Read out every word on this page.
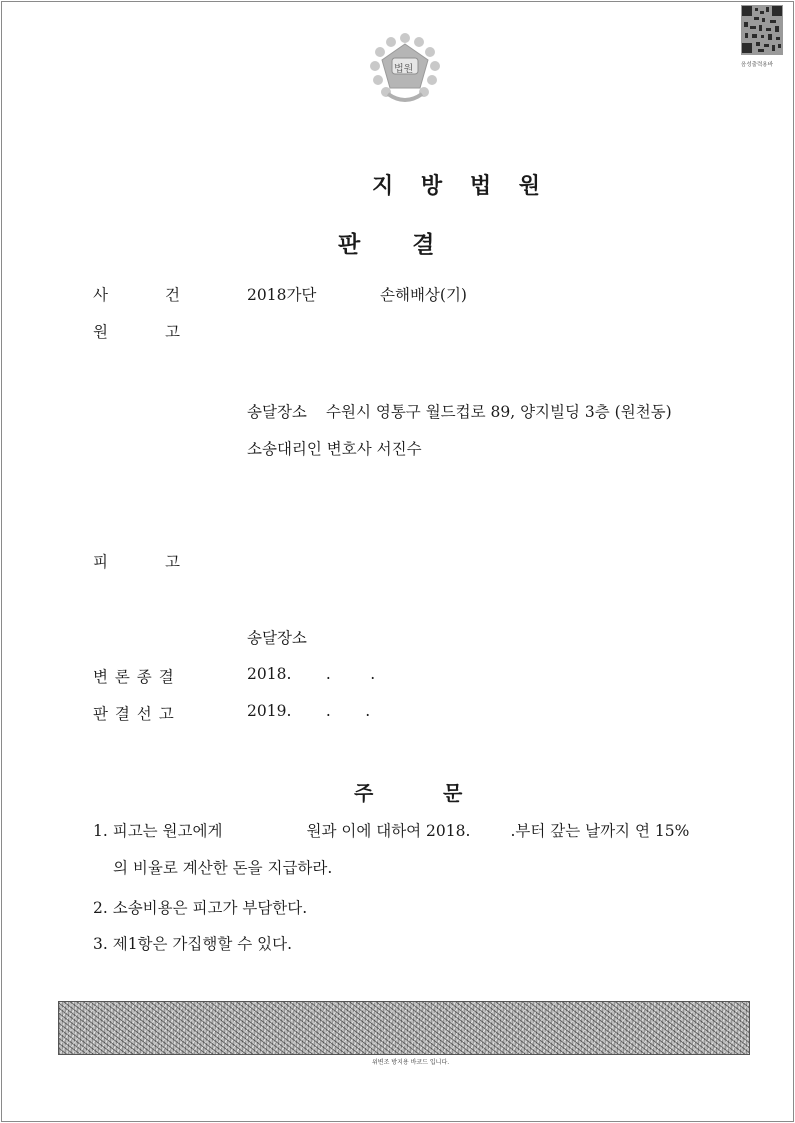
법원	음성출력용바
지 방 법 원
판     결
사	건	2018가단	손해배상(기)
원	고
송달장소 수원시 영통구 월드컵로 89, 양지빌딩 3층 (원천동)
소송대리인 변호사 서진수
피	고
송달장소
변 론 종 결	2018.       .        .
판 결 선 고	2019.       .       .
주          문
1. 피고는 원고에게	원과 이에 대하여 2018.	.부터 갚는 날까지 연 15%
의 비율로 계산한 돈을 지급하라.
2. 소송비용은 피고가 부담한다.
3. 제1항은 가집행할 수 있다.
위변조 방지용 바코드 입니다.
